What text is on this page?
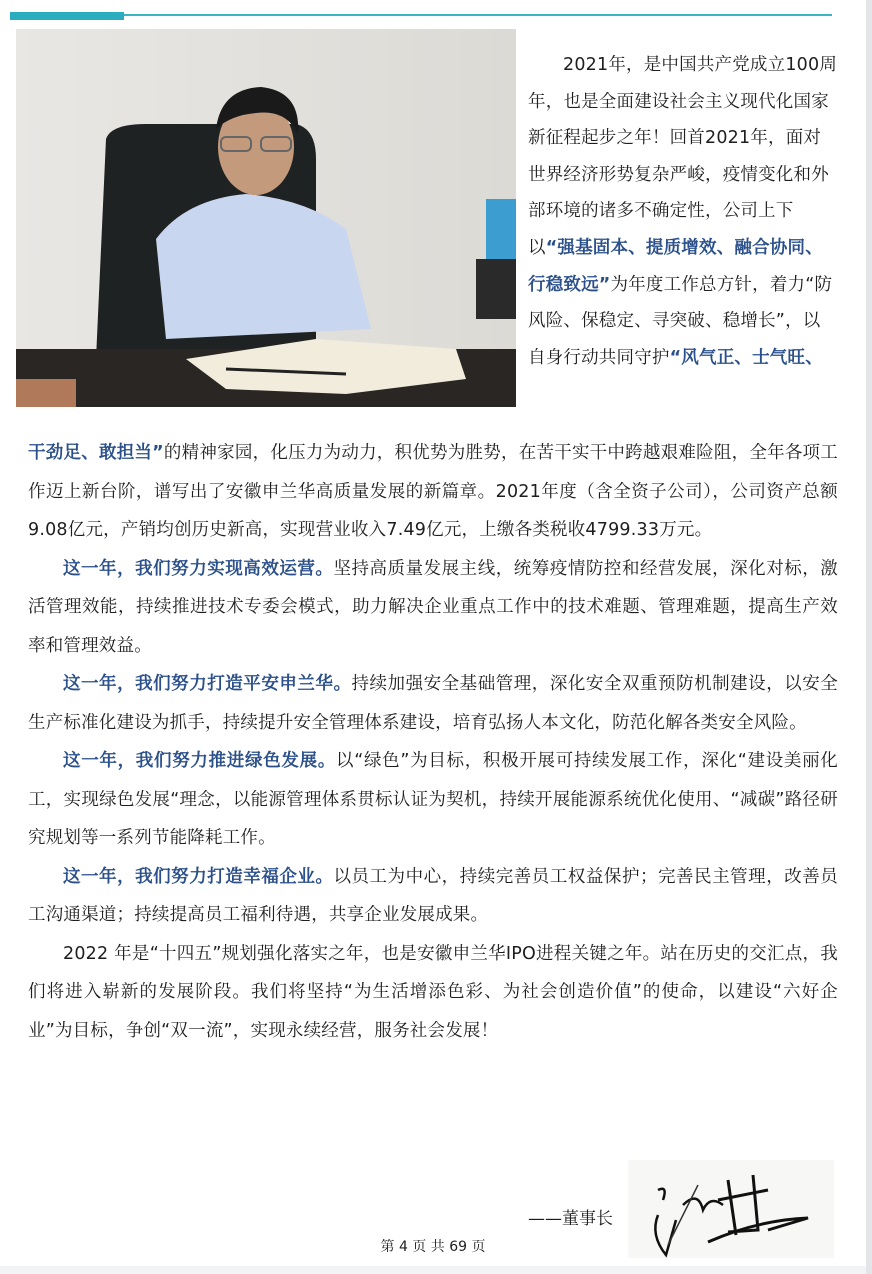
2021年，是中国共产党成立100周年，也是全面建设社会主义现代化国家新征程起步之年！回首2021年，面对世界经济形势复杂严峻，疫情变化和外部环境的诸多不确定性，公司上下以“强基固本、提质增效、融合协同、行稳致远”为年度工作总方针，着力“防风险、保稳定、寻突破、稳增长”，以自身行动共同守护“风气正、士气旺、

干劲足、敢担当”的精神家园，化压力为动力，积优势为胜势，在苦干实干中跨越艰难险阻，全年各项工作迈上新台阶，谱写出了安徽申兰华高质量发展的新篇章。2021年度（含全资子公司），公司资产总额9.08亿元，产销均创历史新高，实现营业收入7.49亿元，上缴各类税收4799.33万元。

这一年，我们努力实现高效运营。坚持高质量发展主线，统筹疫情防控和经营发展，深化对标，激活管理效能，持续推进技术专委会模式，助力解决企业重点工作中的技术难题、管理难题，提高生产效率和管理效益。

这一年，我们努力打造平安申兰华。持续加强安全基础管理，深化安全双重预防机制建设，以安全生产标准化建设为抓手，持续提升安全管理体系建设，培育弘扬人本文化，防范化解各类安全风险。

这一年，我们努力推进绿色发展。以“绿色”为目标，积极开展可持续发展工作，深化“建设美丽化工，实现绿色发展“理念，以能源管理体系贯标认证为契机，持续开展能源系统优化使用、“减碳”路径研究规划等一系列节能降耗工作。

这一年，我们努力打造幸福企业。以员工为中心，持续完善员工权益保护；完善民主管理，改善员工沟通渠道；持续提高员工福利待遇，共享企业发展成果。

2022 年是“十四五”规划强化落实之年，也是安徽申兰华IPO进程关键之年。站在历史的交汇点，我们将进入崭新的发展阶段。我们将坚持“为生活增添色彩、为社会创造价值”的使命，以建设“六好企业”为目标，争创“双一流”，实现永续经营，服务社会发展！

——董事长
第 4 页 共 69 页
